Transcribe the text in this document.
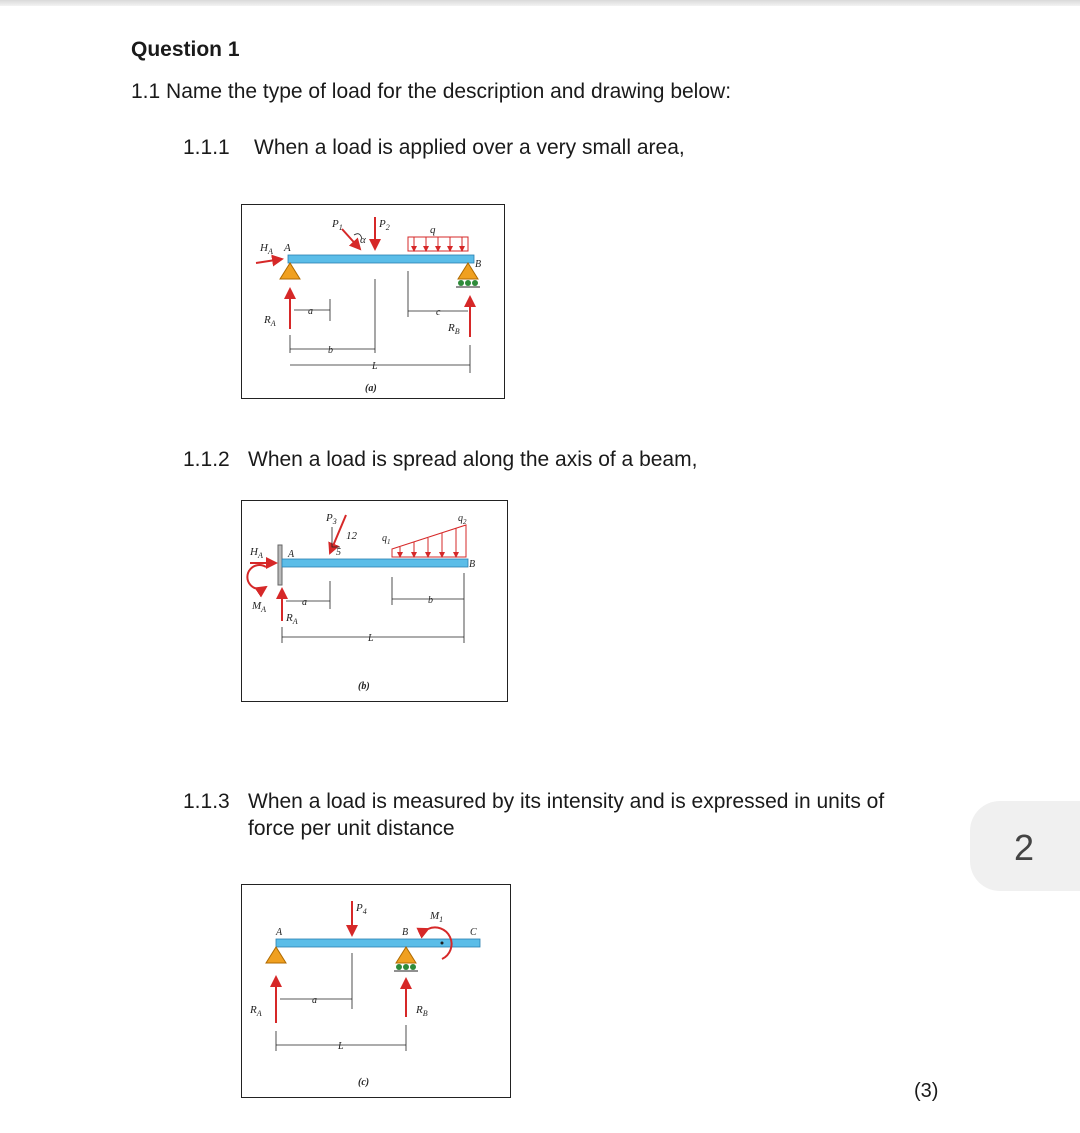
Question 1
1.1 Name the type of load for the description and drawing below:
1.1.1 When a load is applied over a very small area,
$H_A$ A
$P_1$
α
$P_2$	q
B
$R_A$	$R_B$
a
b
c
L
(a)
1.1.2 When a load is spread along the axis of a beam,
A
B
$H_A$
$M_A$
$R_A$
$P_3$
12
5
$q_1$
$q_2$
a	b
L
(b)
1.1.3 When a load is measured by its intensity and is expressed in units of
force per unit distance
A	B	C
$P_4$	$M_1$
$R_A$	$R_B$
a
L
(c)
2
(3)
